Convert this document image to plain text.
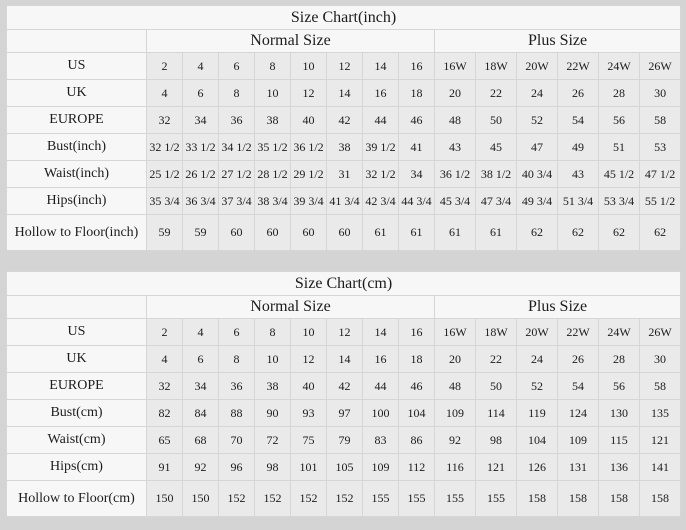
Size Chart(inch)														
	Normal Size								Plus Size					
US	2	4	6	8	10	12	14	16	16W	18W	20W	22W	24W	26W
UK	4	6	8	10	12	14	16	18	20	22	24	26	28	30
EUROPE	32	34	36	38	40	42	44	46	48	50	52	54	56	58
Bust(inch)	32 1/2	33 1/2	34 1/2	35 1/2	36 1/2	38	39 1/2	41	43	45	47	49	51	53
Waist(inch)	25 1/2	26 1/2	27 1/2	28 1/2	29 1/2	31	32 1/2	34	36 1/2	38 1/2	40 3/4	43	45 1/2	47 1/2
Hips(inch)	35 3/4	36 3/4	37 3/4	38 3/4	39 3/4	41 3/4	42 3/4	44 3/4	45 3/4	47 3/4	49 3/4	51 3/4	53 3/4	55 1/2
Hollow to Floor(inch)	59	59	60	60	60	60	61	61	61	61	62	62	62	62
Size Chart(cm)														
	Normal Size								Plus Size					
US	2	4	6	8	10	12	14	16	16W	18W	20W	22W	24W	26W
UK	4	6	8	10	12	14	16	18	20	22	24	26	28	30
EUROPE	32	34	36	38	40	42	44	46	48	50	52	54	56	58
Bust(cm)	82	84	88	90	93	97	100	104	109	114	119	124	130	135
Waist(cm)	65	68	70	72	75	79	83	86	92	98	104	109	115	121
Hips(cm)	91	92	96	98	101	105	109	112	116	121	126	131	136	141
Hollow to Floor(cm)	150	150	152	152	152	152	155	155	155	155	158	158	158	158
